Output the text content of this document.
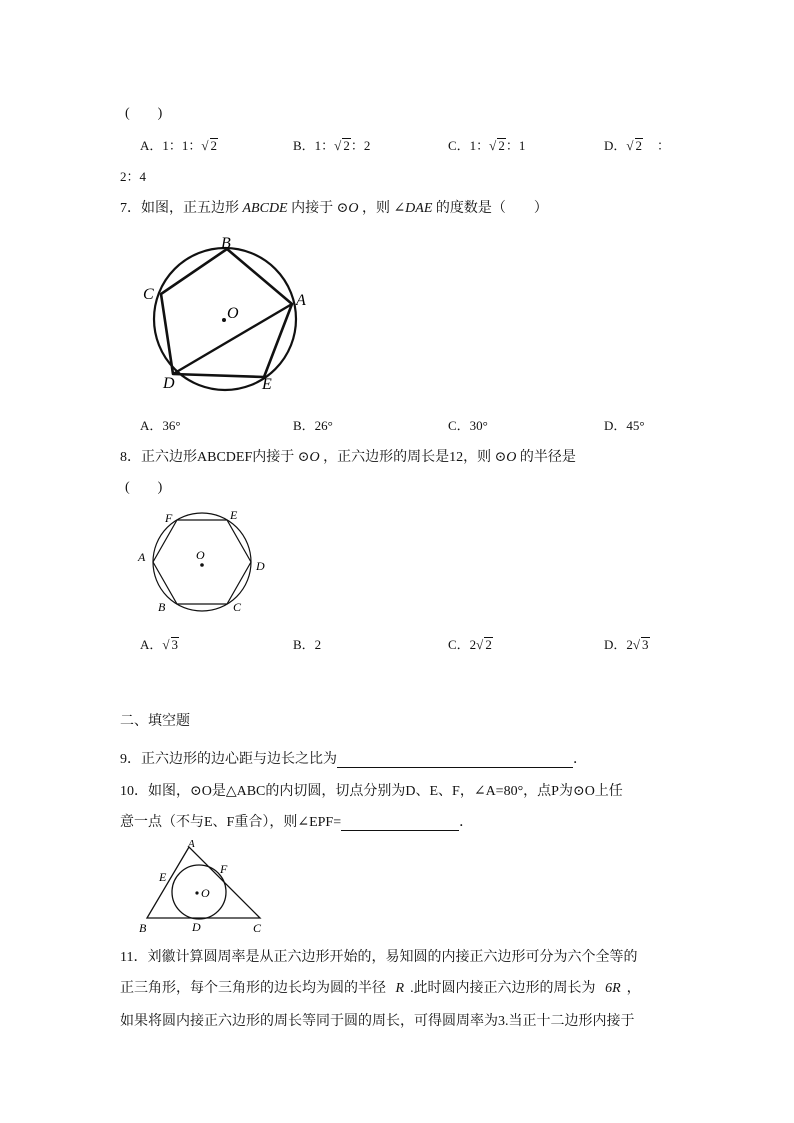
(　　)
A．1：1：√ 2	B．1：√ 2：2	C．1：√ 2：1	D．√ 2 ：
2：4
7．如图，正五边形 ABCDE 内接于 ⊙O ，则 ∠DAE 的度数是（　　）
B
A
C
D	E
O
A．36°	B．26°	C．30°	D．45°
8．正六边形ABCDEF内接于 ⊙O ，正六边形的周长是12，则 ⊙O 的半径是
(　　)
F	E
A
D
B	C
O
A．√ 3	B．2	C．2√ 2	D．2√ 3
二、填空题
9．正六边形的边心距与边长之比为	．
10．如图，⊙O是△ABC的内切圆，切点分别为D、E、F，∠A=80°，点P为⊙O上任
意一点（不与E、F重合），则∠EPF=	．
A
E
F
O
B	D	C
11．刘徽计算圆周率是从正六边形开始的，易知圆的内接正六边形可分为六个全等的
正三角形，每个三角形的边长均为圆的半径 R .此时圆内接正六边形的周长为 6R ，
如果将圆内接正六边形的周长等同于圆的周长，可得圆周率为3.当正十二边形内接于
